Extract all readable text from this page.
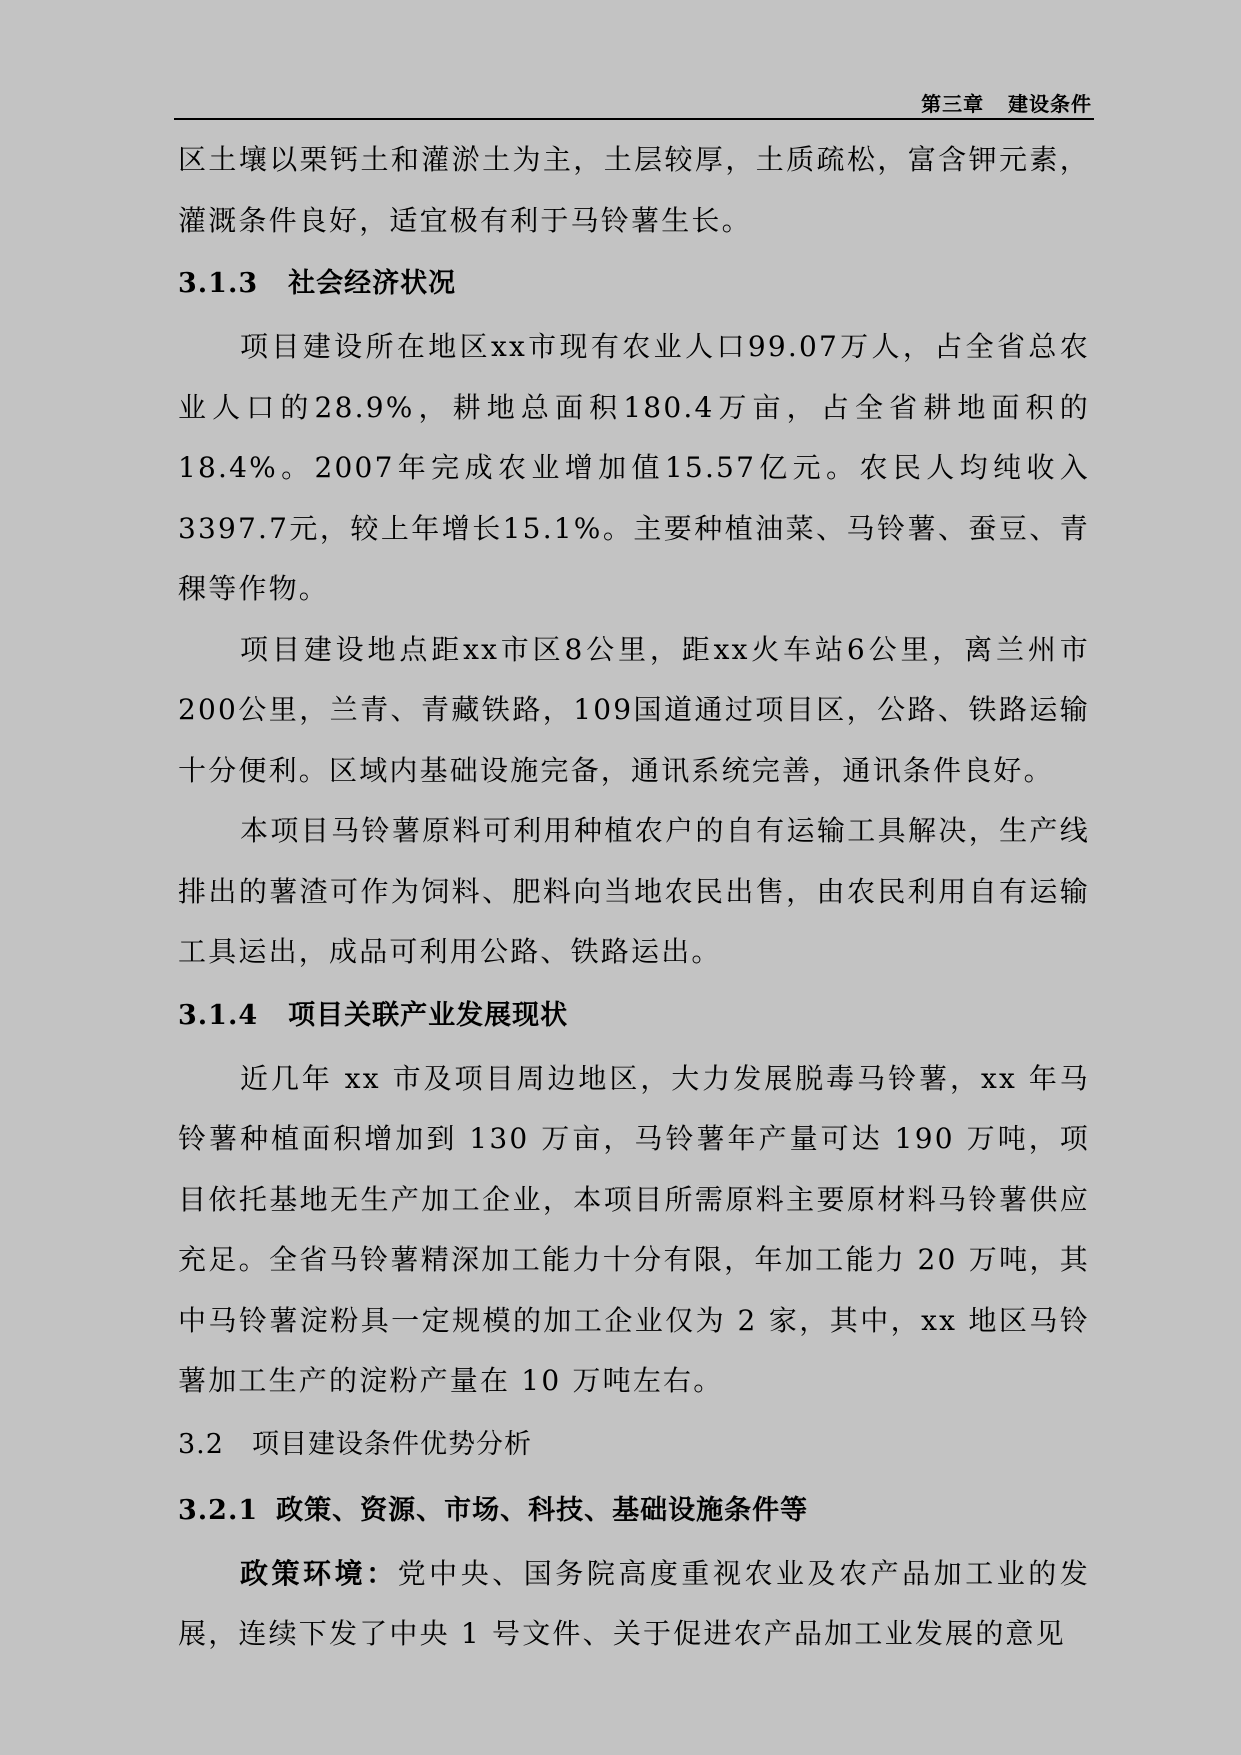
第三章 建设条件

区土壤以栗钙土和灌淤土为主，土层较厚，土质疏松，富含钾元素，灌溉条件良好，适宜极有利于马铃薯生长。

3.1.3 社会经济状况

项目建设所在地区xx市现有农业人口99.07万人，占全省总农业人口的28.9%，耕地总面积180.4万亩，占全省耕地面积的18.4%。2007年完成农业增加值15.57亿元。农民人均纯收入3397.7元，较上年增长15.1%。主要种植油菜、马铃薯、蚕豆、青稞等作物。

项目建设地点距xx市区8公里，距xx火车站6公里，离兰州市200公里，兰青、青藏铁路，109国道通过项目区，公路、铁路运输十分便利。区域内基础设施完备，通讯系统完善，通讯条件良好。

本项目马铃薯原料可利用种植农户的自有运输工具解决，生产线排出的薯渣可作为饲料、肥料向当地农民出售，由农民利用自有运输工具运出，成品可利用公路、铁路运出。

3.1.4 项目关联产业发展现状

近几年 xx 市及项目周边地区，大力发展脱毒马铃薯，xx 年马铃薯种植面积增加到 130 万亩，马铃薯年产量可达 190 万吨，项目依托基地无生产加工企业，本项目所需原料主要原材料马铃薯供应充足。全省马铃薯精深加工能力十分有限，年加工能力 20 万吨，其中马铃薯淀粉具一定规模的加工企业仅为 2 家，其中，xx 地区马铃薯加工生产的淀粉产量在 10 万吨左右。

3.2 项目建设条件优势分析
3.2.1 政策、资源、市场、科技、基础设施条件等

政策环境：党中央、国务院高度重视农业及农产品加工业的发展，连续下发了中央 1 号文件、关于促进农产品加工业发展的意见
